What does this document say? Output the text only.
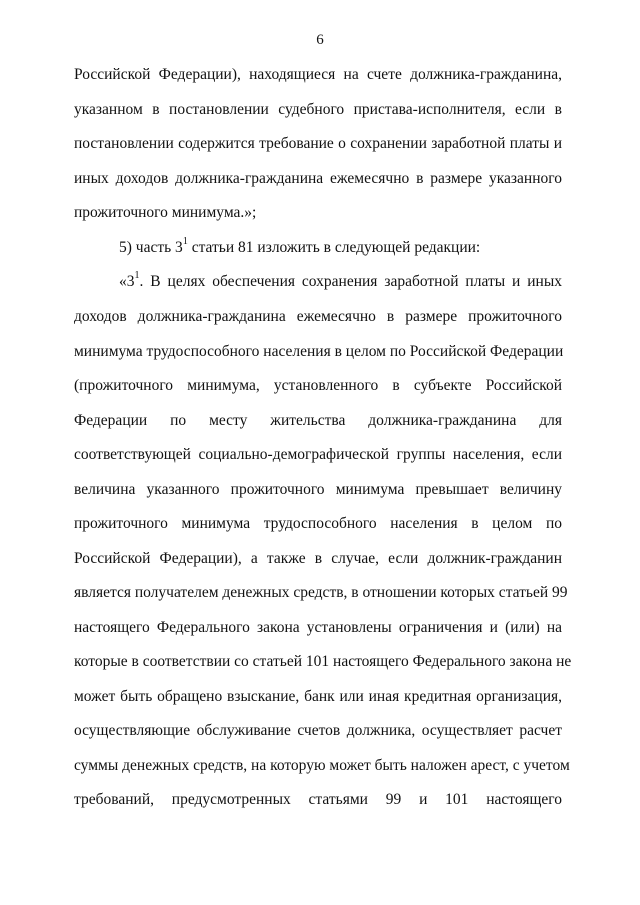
6
Российской Федерации), находящиеся на счете должника-гражданина,
указанном в постановлении судебного пристава-исполнителя, если в
постановлении содержится требование о сохранении заработной платы и
иных доходов должника-гражданина ежемесячно в размере указанного
прожиточного минимума.»;
5) часть $3^1$ статьи 81 изложить в следующей редакции:
«$3^1$. В целях обеспечения сохранения заработной платы и иных
доходов должника-гражданина ежемесячно в размере прожиточного
минимума трудоспособного населения в целом по Российской Федерации
(прожиточного минимума, установленного в субъекте Российской
Федерации по месту жительства должника-гражданина для
соответствующей социально-демографической группы населения, если
величина указанного прожиточного минимума превышает величину
прожиточного минимума трудоспособного населения в целом по
Российской Федерации), а также в случае, если должник-гражданин
является получателем денежных средств, в отношении которых статьей 99
настоящего Федерального закона установлены ограничения и (или) на
которые в соответствии со статьей 101 настоящего Федерального закона не
может быть обращено взыскание, банк или иная кредитная организация,
осуществляющие обслуживание счетов должника, осуществляет расчет
суммы денежных средств, на которую может быть наложен арест, с учетом
требований, предусмотренных статьями 99 и 101 настоящего
